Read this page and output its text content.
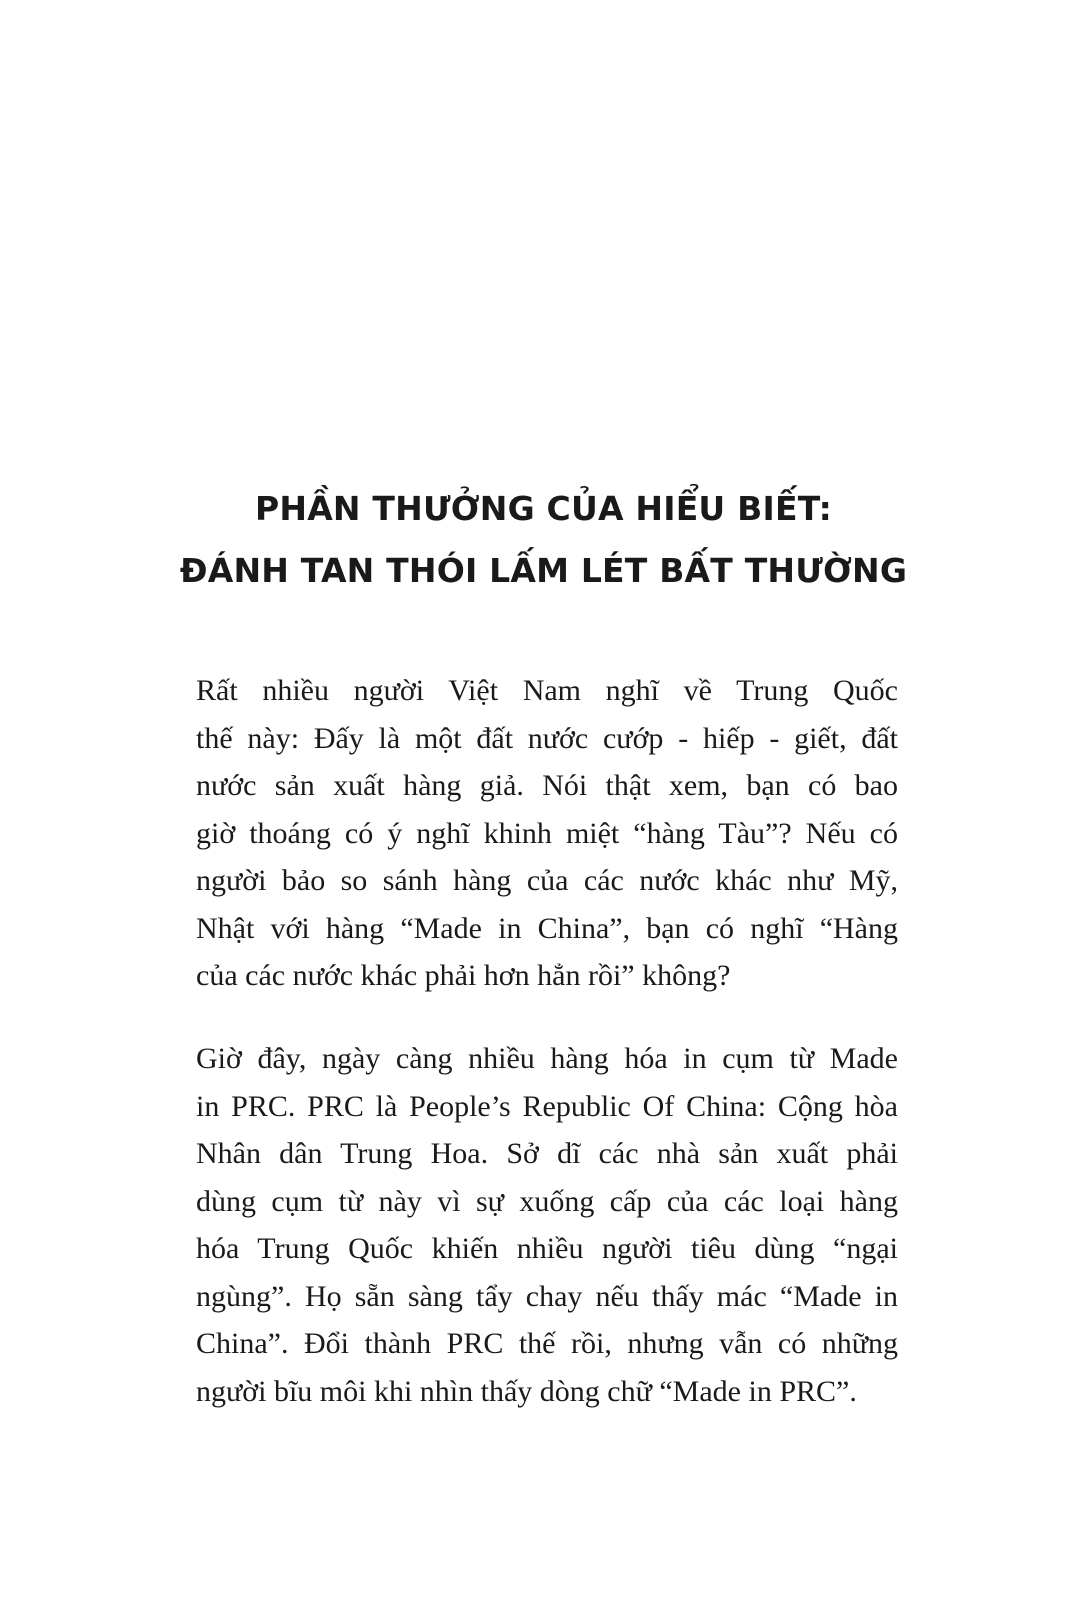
PHẦN THƯỞNG CỦA HIỂU BIẾT:
ĐÁNH TAN THÓI LẤM LÉT BẤT THƯỜNG

Rất nhiều người Việt Nam nghĩ về Trung Quốc
thế này: Đấy là một đất nước cướp - hiếp - giết, đất
nước sản xuất hàng giả. Nói thật xem, bạn có bao
giờ thoáng có ý nghĩ khinh miệt “hàng Tàu”? Nếu có
người bảo so sánh hàng của các nước khác như Mỹ,
Nhật với hàng “Made in China”, bạn có nghĩ “Hàng
của các nước khác phải hơn hẳn rồi” không?

Giờ đây, ngày càng nhiều hàng hóa in cụm từ Made
in PRC. PRC là People’s Republic Of China: Cộng hòa
Nhân dân Trung Hoa. Sở dĩ các nhà sản xuất phải
dùng cụm từ này vì sự xuống cấp của các loại hàng
hóa Trung Quốc khiến nhiều người tiêu dùng “ngại
ngùng”. Họ sẵn sàng tẩy chay nếu thấy mác “Made in
China”. Đổi thành PRC thế rồi, nhưng vẫn có những
người bĩu môi khi nhìn thấy dòng chữ “Made in PRC”.
